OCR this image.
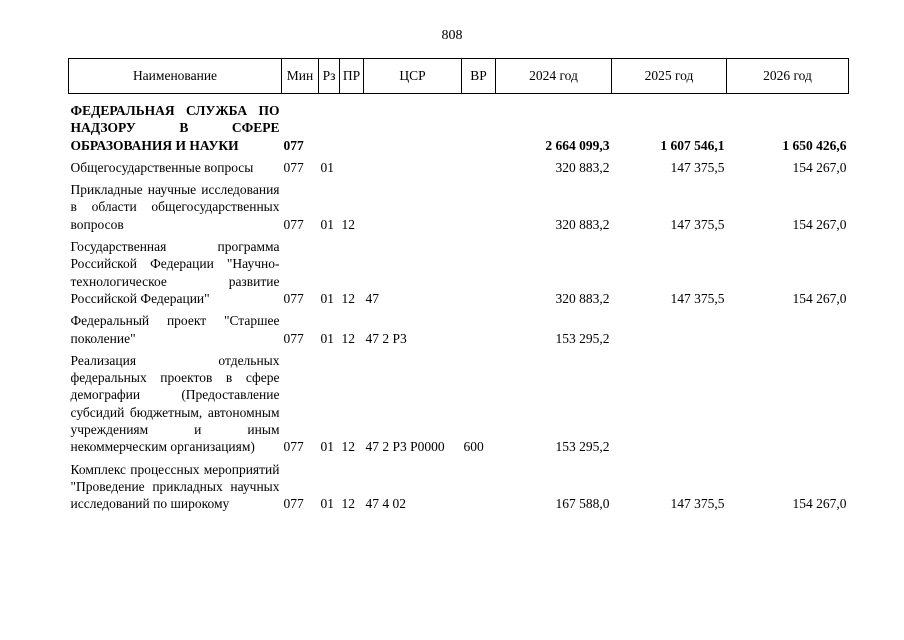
808
Наименование	Мин	Рз	ПР	ЦСР	ВР	2024 год	2025 год	2026 год
ФЕДЕРАЛЬНАЯ СЛУЖБА ПО НАДЗОРУ В СФЕРЕ ОБРАЗОВАНИЯ И НАУКИ	077					2 664 099,3	1 607 546,1	1 650 426,6
Общегосударственные вопросы	077	01				320 883,2	147 375,5	154 267,0
Прикладные научные исследования в области общегосударственных вопросов	077	01	12			320 883,2	147 375,5	154 267,0
Государственная программа Российской Федерации "Научно-технологическое развитие Российской Федерации"	077	01	12	47		320 883,2	147 375,5	154 267,0
Федеральный проект "Старшее поколение"	077	01	12	47 2 Р3		153 295,2		
Реализация отдельных федеральных проектов в сфере демографии (Предоставление субсидий бюджетным, автономным учреждениям и иным некоммерческим организациям)	077	01	12	47 2 Р3 Р0000	600	153 295,2		
Комплекс процессных мероприятий "Проведение прикладных научных исследований по широкому	077	01	12	47 4 02		167 588,0	147 375,5	154 267,0
